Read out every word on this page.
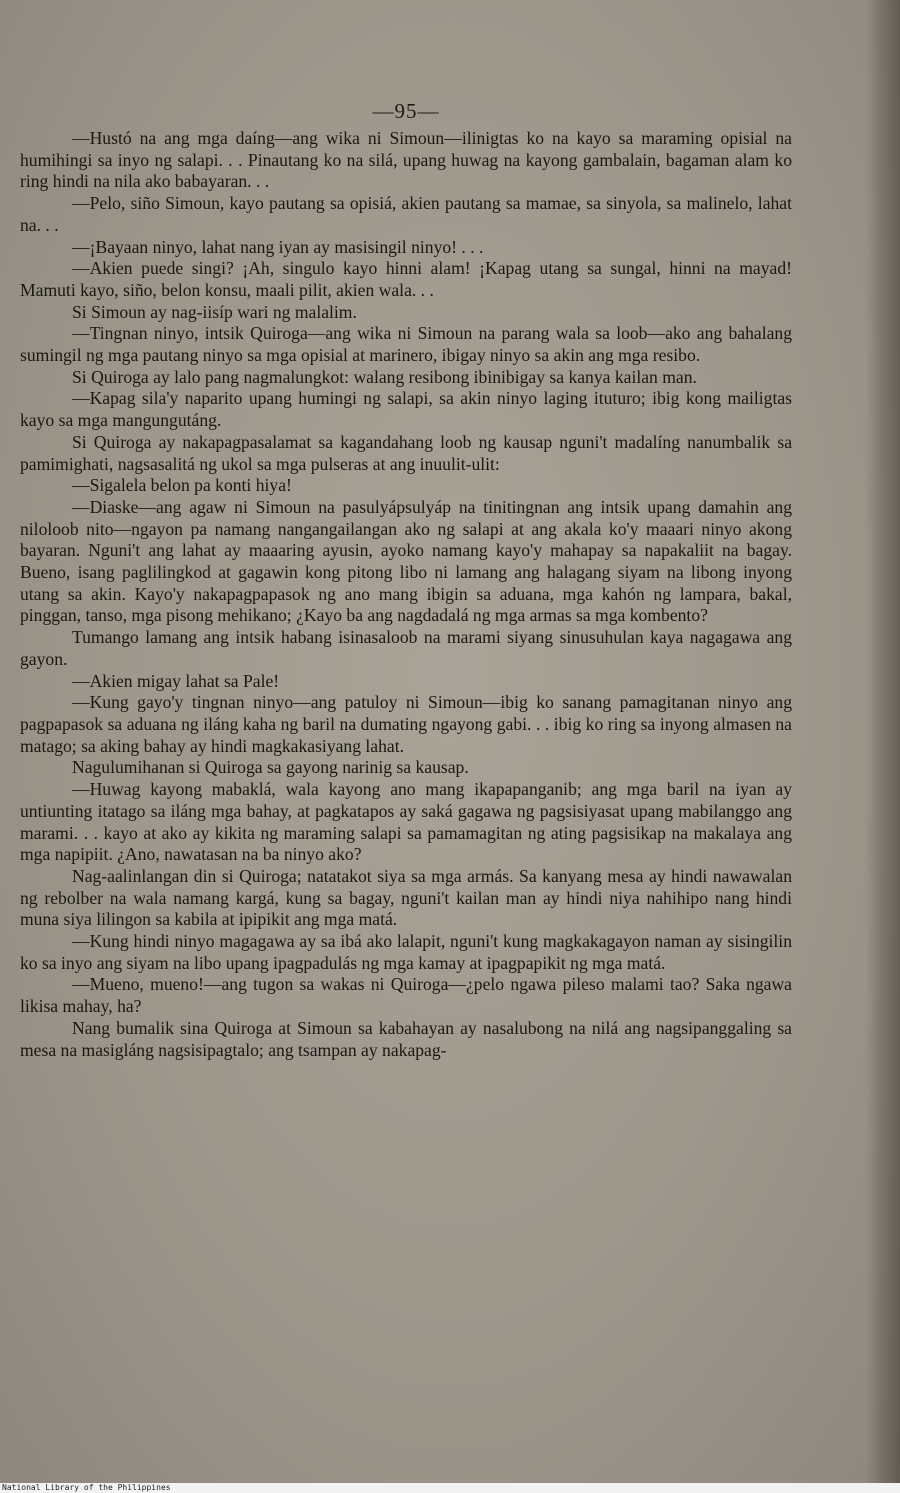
—95—

—Hustó na ang mga daíng—ang wika ni Simoun—ilinigtas ko na kayo sa maraming opisial na humihingi sa inyo ng salapi. . . Pinautang ko na silá, upang huwag na kayong gambalain, bagaman alam ko ring hindi na nila ako babayaran. . .

—Pelo, siño Simoun, kayo pautang sa opisiá, akien pautang sa mamae, sa sinyola, sa malinelo, lahat na. . .

—¡Bayaan ninyo, lahat nang iyan ay masisingil ninyo! . . .

—Akien puede singi? ¡Ah, singulo kayo hinni alam! ¡Kapag utang sa sungal, hinni na mayad! Mamuti kayo, siño, belon konsu, maali pilit, akien wala. . .

Si Simoun ay nag-iisíp wari ng malalim.

—Tingnan ninyo, intsik Quiroga—ang wika ni Simoun na parang wala sa loob—ako ang bahalang sumingil ng mga pautang ninyo sa mga opisial at marinero, ibigay ninyo sa akin ang mga resibo.

Si Quiroga ay lalo pang nagmalungkot: walang resibong ibinibigay sa kanya kailan man.

—Kapag sila'y naparito upang humingi ng salapi, sa akin ninyo laging ituturo; ibig kong mailigtas kayo sa mga mangungutáng.

Si Quiroga ay nakapagpasalamat sa kagandahang loob ng kausap nguni't madalíng nanumbalik sa pamimighati, nagsasalitá ng ukol sa mga pulseras at ang inuulit-ulit:

—Sigalela belon pa konti hiya!

—Diaske—ang agaw ni Simoun na pasulyápsulyáp na tinitingnan ang intsik upang damahin ang niloloob nito—ngayon pa namang nangangailangan ako ng salapi at ang akala ko'y maaari ninyo akong bayaran. Nguni't ang lahat ay maaaring ayusin, ayoko namang kayo'y mahapay sa napakaliit na bagay. Bueno, isang paglilingkod at gagawin kong pitong libo ni lamang ang halagang siyam na libong inyong utang sa akin. Kayo'y nakapagpapasok ng ano mang ibigin sa aduana, mga kahón ng lampara, bakal, pinggan, tanso, mga pisong mehikano; ¿Kayo ba ang nagdadalá ng mga armas sa mga kombento?

Tumango lamang ang intsik habang isinasaloob na marami siyang sinusuhulan kaya nagagawa ang gayon.

—Akien migay lahat sa Pale!

—Kung gayo'y tingnan ninyo—ang patuloy ni Simoun—ibig ko sanang pamagitanan ninyo ang pagpapasok sa aduana ng iláng kaha ng baril na dumating ngayong gabi. . . ibig ko ring sa inyong almasen na matago; sa aking bahay ay hindi magkakasiyang lahat.

Nagulumihanan si Quiroga sa gayong narinig sa kausap.

—Huwag kayong mabaklá, wala kayong ano mang ikapapanganib; ang mga baril na iyan ay untiunting itatago sa iláng mga bahay, at pagkatapos ay saká gagawa ng pagsisiyasat upang mabilanggo ang marami. . . kayo at ako ay kikita ng maraming salapi sa pamamagitan ng ating pagsisikap na makalaya ang mga napipiit. ¿Ano, nawatasan na ba ninyo ako?

Nag-aalinlangan din si Quiroga; natatakot siya sa mga armás. Sa kanyang mesa ay hindi nawawalan ng rebolber na wala namang kargá, kung sa bagay, nguni't kailan man ay hindi niya nahihipo nang hindi muna siya lilingon sa kabila at ipipikit ang mga matá.

—Kung hindi ninyo magagawa ay sa ibá ako lalapit, nguni't kung magkakagayon naman ay sisingilin ko sa inyo ang siyam na libo upang ipagpadulás ng mga kamay at ipagpapikit ng mga matá.

—Mueno, mueno!—ang tugon sa wakas ni Quiroga—¿pelo ngawa pileso malami tao? Saka ngawa likisa mahay, ha?

Nang bumalik sina Quiroga at Simoun sa kabahayan ay nasalubong na nilá ang nagsipanggaling sa mesa na masigláng nagsisipagtalo; ang tsampan ay nakapag-

National Library of the Philippines
